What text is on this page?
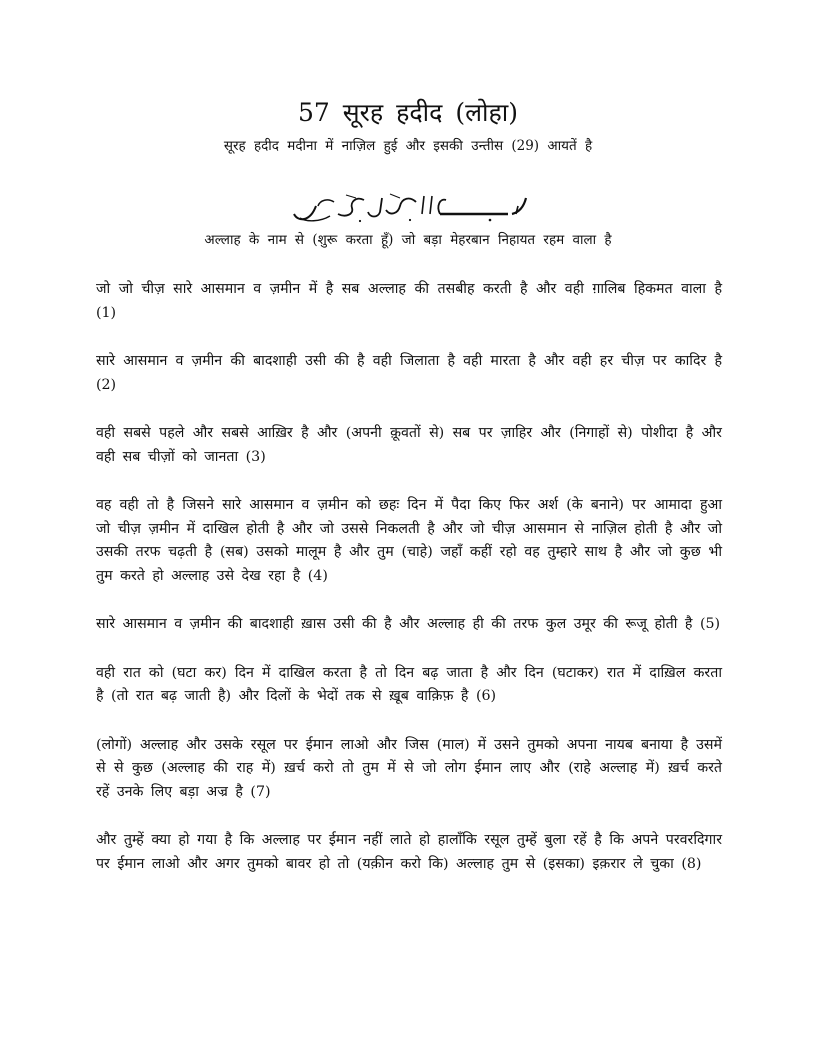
57 सूरह हदीद (लोहा)
सूरह हदीद मदीना में नाज़िल हुई और इसकी उन्तीस (29) आयतें है
अल्लाह के नाम से (शुरू करता हूँ) जो बड़ा मेहरबान निहायत रहम वाला है

जो जो चीज़ सारे आसमान व ज़मीन में है सब अल्लाह की तसबीह करती है और वही ग़ालिब हिकमत वाला है (1)

सारे आसमान व ज़मीन की बादशाही उसी की है वही जिलाता है वही मारता है और वही हर चीज़ पर कादिर है (2)

वही सबसे पहले और सबसे आख़िर है और (अपनी क़ूवतों से) सब पर ज़ाहिर और (निगाहों से) पोशीदा है और वही सब चीज़ों को जानता (3)

वह वही तो है जिसने सारे आसमान व ज़मीन को छहः दिन में पैदा किए फिर अर्श (के बनाने) पर आमादा हुआ जो चीज़ ज़मीन में दाखिल होती है और जो उससे निकलती है और जो चीज़ आसमान से नाज़िल होती है और जो उसकी तरफ चढ़ती है (सब) उसको मालूम है और तुम (चाहे) जहाँ कहीं रहो वह तुम्हारे साथ है और जो कुछ भी तुम करते हो अल्लाह उसे देख रहा है (4)

सारे आसमान व ज़मीन की बादशाही ख़ास उसी की है और अल्लाह ही की तरफ कुल उमूर की रूजू होती है (5)

वही रात को (घटा कर) दिन में दाखिल करता है तो दिन बढ़ जाता है और दिन (घटाकर) रात में दाख़िल करता है (तो रात बढ़ जाती है) और दिलों के भेदों तक से ख़ूब वाक़िफ़ है (6)

(लोगों) अल्लाह और उसके रसूल पर ईमान लाओ और जिस (माल) में उसने तुमको अपना नायब बनाया है उसमें से से कुछ (अल्लाह की राह में) ख़र्च करो तो तुम में से जो लोग ईमान लाए और (राहे अल्लाह में) ख़र्च करते रहें उनके लिए बड़ा अज्र है (7)

और तुम्हें क्या हो गया है कि अल्लाह पर ईमान नहीं लाते हो हालाँकि रसूल तुम्हें बुला रहें है कि अपने परवरदिगार पर ईमान लाओ और अगर तुमको बावर हो तो (यक़ीन करो कि) अल्लाह तुम से (इसका) इक़रार ले चुका (8)
